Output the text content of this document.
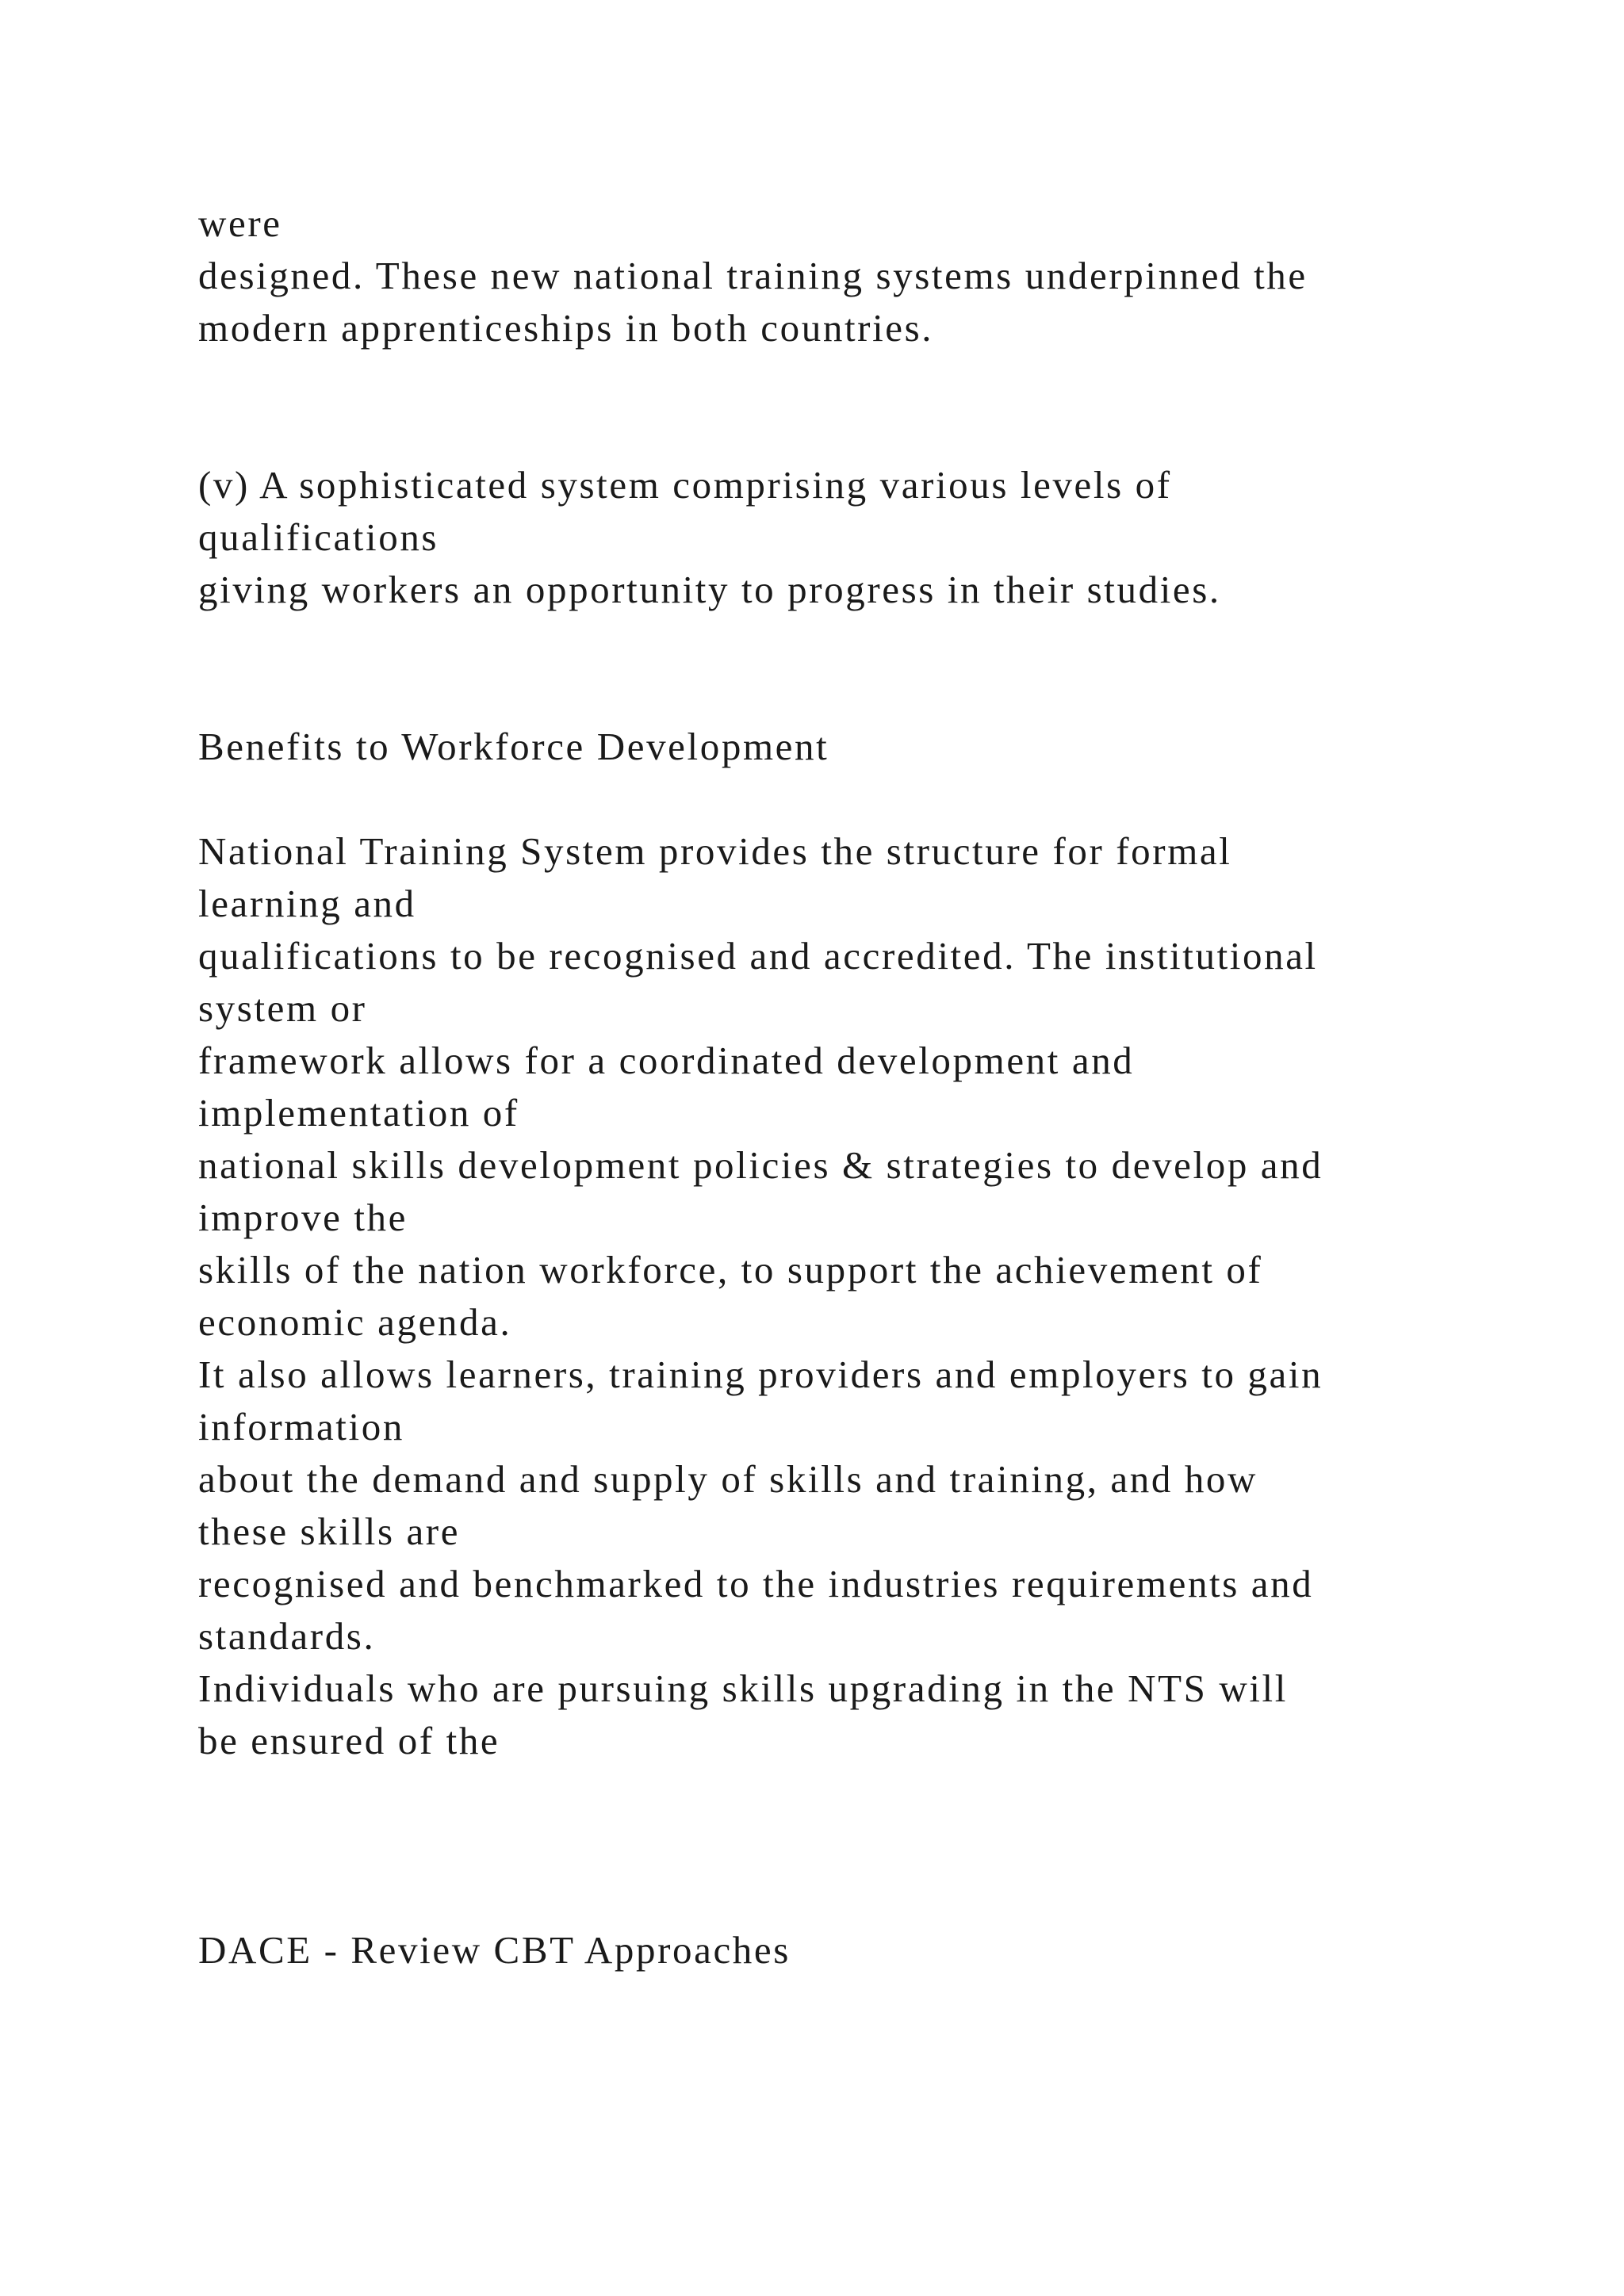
were

designed. These new national training systems underpinned the

modern apprenticeships in both countries.

(v) A sophisticated system comprising various levels of

qualifications

giving workers an opportunity to progress in their studies.

Benefits to Workforce Development

National Training System provides the structure for formal

learning and

qualifications to be recognised and accredited. The institutional

system or

framework allows for a coordinated development and

implementation of

national skills development policies & strategies to develop and

improve the

skills of the nation workforce, to support the achievement of

economic agenda.

It also allows learners, training providers and employers to gain

information

about the demand and supply of skills and training, and how

these skills are

recognised and benchmarked to the industries requirements and

standards.

Individuals who are pursuing skills upgrading in the NTS will

be ensured of the

DACE - Review CBT Approaches
